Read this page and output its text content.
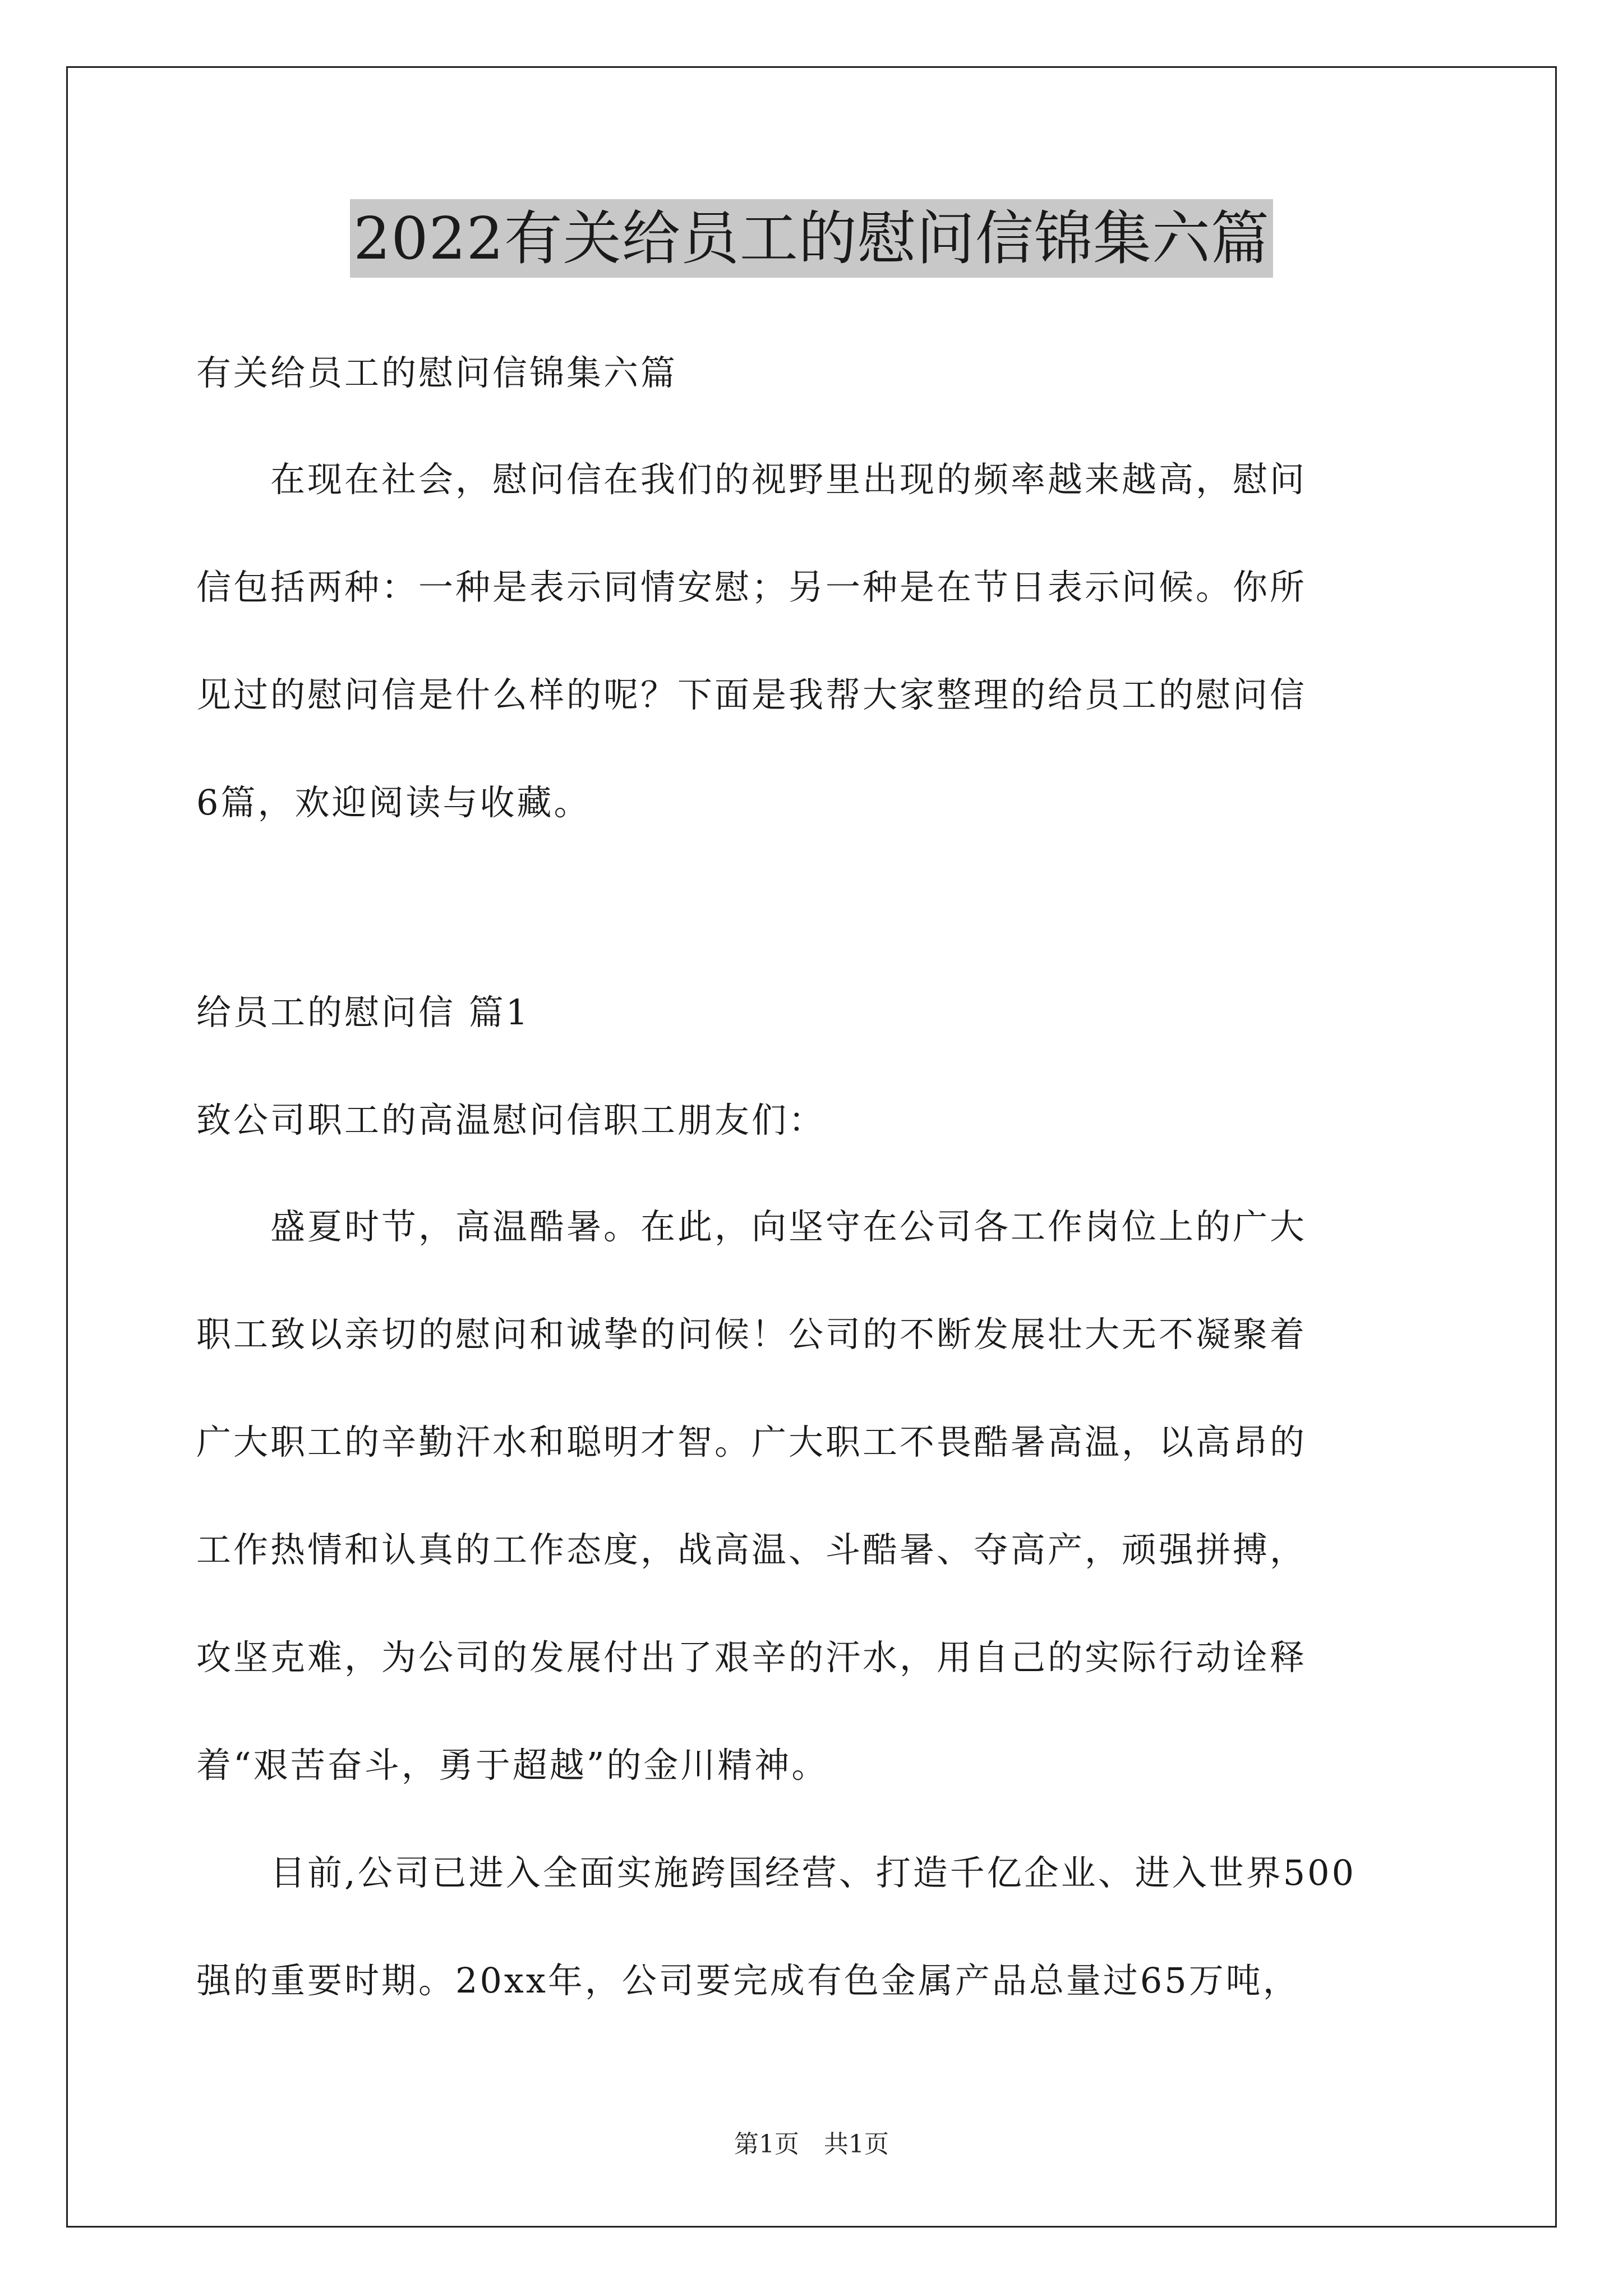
2022有关给员工的慰问信锦集六篇
有关给员工的慰问信锦集六篇
　　在现在社会，慰问信在我们的视野里出现的频率越来越高，慰问
信包括两种：一种是表示同情安慰；另一种是在节日表示问候。你所
见过的慰问信是什么样的呢？下面是我帮大家整理的给员工的慰问信
6篇，欢迎阅读与收藏。
给员工的慰问信 篇1
致公司职工的高温慰问信职工朋友们：
　　盛夏时节，高温酷暑。在此，向坚守在公司各工作岗位上的广大
职工致以亲切的慰问和诚挚的问候！公司的不断发展壮大无不凝聚着
广大职工的辛勤汗水和聪明才智。广大职工不畏酷暑高温，以高昂的
工作热情和认真的工作态度，战高温、斗酷暑、夺高产，顽强拼搏，
攻坚克难，为公司的发展付出了艰辛的汗水，用自己的实际行动诠释
着“艰苦奋斗，勇于超越”的金川精神。
　　目前,公司已进入全面实施跨国经营、打造千亿企业、进入世界500
强的重要时期。20xx年，公司要完成有色金属产品总量过65万吨，
第1页　共1页
